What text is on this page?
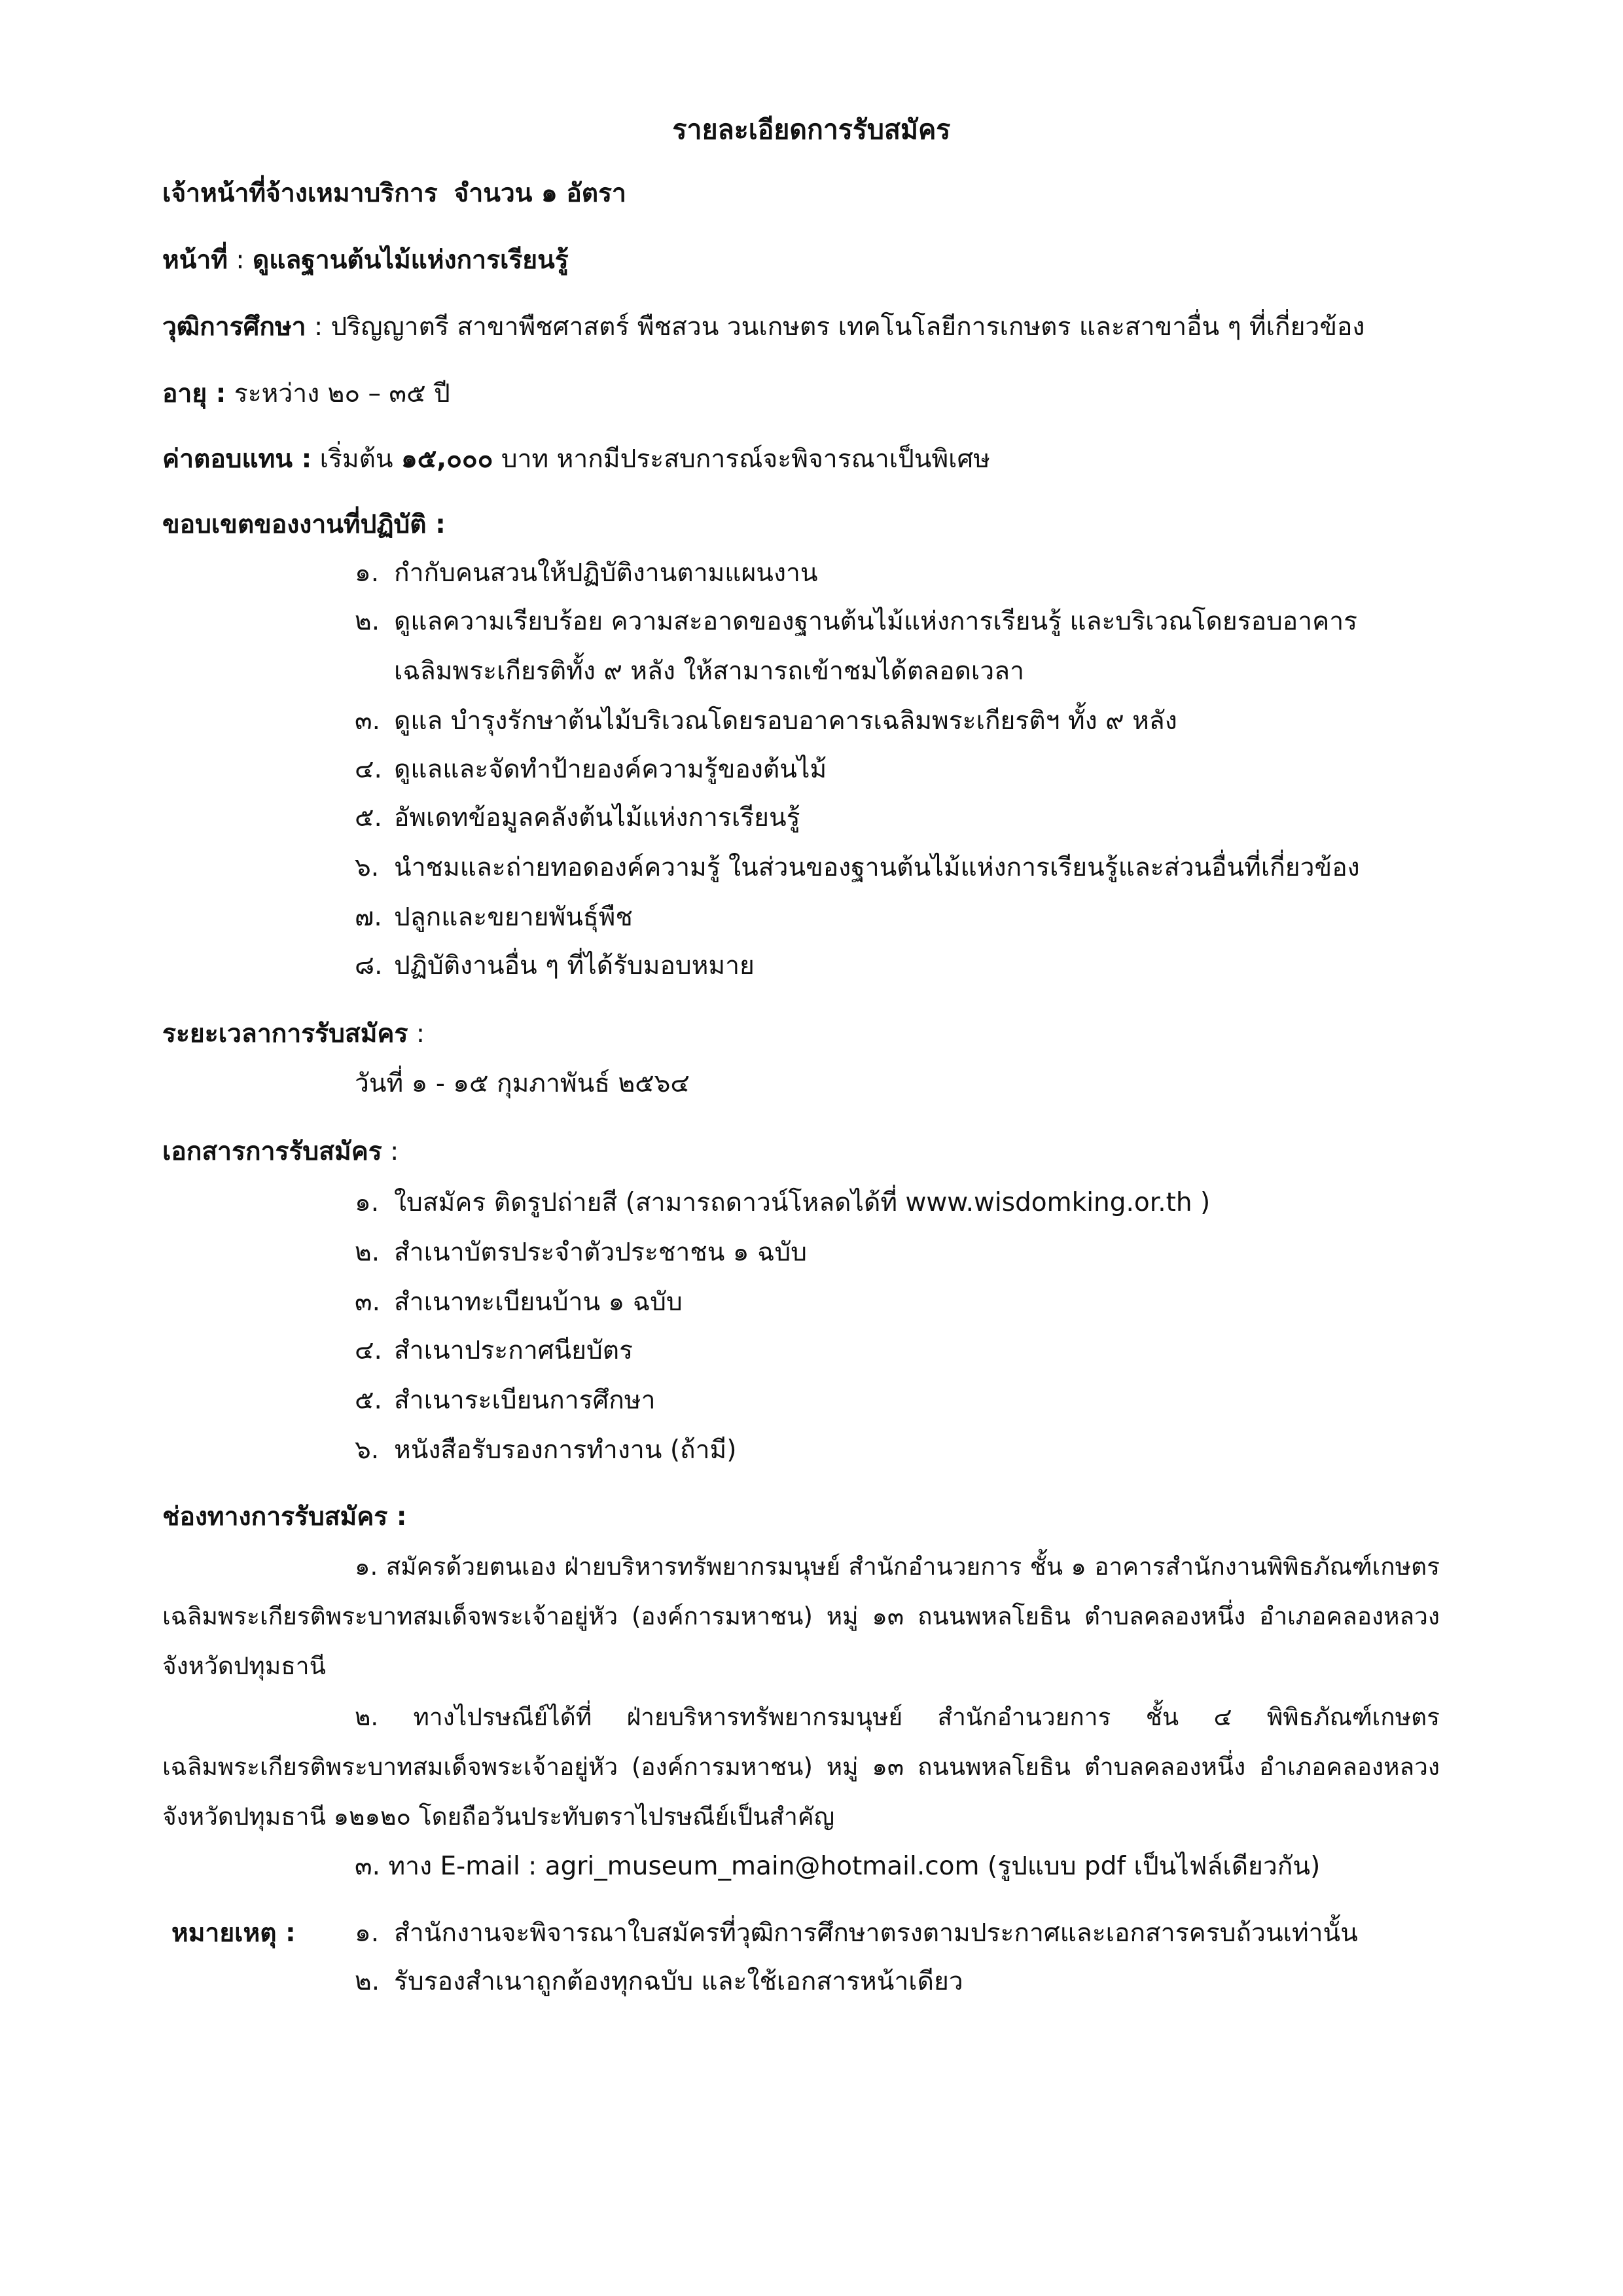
รายละเอียดการรับสมัคร
เจ้าหน้าที่จ้างเหมาบริการ จำนวน ๑ อัตรา
หน้าที่ : ดูแลฐานต้นไม้แห่งการเรียนรู้
วุฒิการศึกษา : ปริญญาตรี สาขาพืชศาสตร์ พืชสวน วนเกษตร เทคโนโลยีการเกษตร และสาขาอื่น ๆ ที่เกี่ยวข้อง
อายุ : ระหว่าง ๒๐ – ๓๕ ปี
ค่าตอบแทน : เริ่มต้น ๑๕,๐๐๐ บาท หากมีประสบการณ์จะพิจารณาเป็นพิเศษ
ขอบเขตของงานที่ปฏิบัติ :
๑. กำกับคนสวนให้ปฏิบัติงานตามแผนงาน
๒. ดูแลความเรียบร้อย ความสะอาดของฐานต้นไม้แห่งการเรียนรู้ และบริเวณโดยรอบอาคาร
เฉลิมพระเกียรติทั้ง ๙ หลัง ให้สามารถเข้าชมได้ตลอดเวลา
๓. ดูแล บำรุงรักษาต้นไม้บริเวณโดยรอบอาคารเฉลิมพระเกียรติฯ ทั้ง ๙ หลัง
๔. ดูแลและจัดทำป้ายองค์ความรู้ของต้นไม้
๕. อัพเดทข้อมูลคลังต้นไม้แห่งการเรียนรู้
๖. นำชมและถ่ายทอดองค์ความรู้ ในส่วนของฐานต้นไม้แห่งการเรียนรู้และส่วนอื่นที่เกี่ยวข้อง
๗. ปลูกและขยายพันธุ์พืช
๘. ปฏิบัติงานอื่น ๆ ที่ได้รับมอบหมาย
ระยะเวลาการรับสมัคร :
วันที่ ๑ - ๑๕ กุมภาพันธ์ ๒๕๖๔
เอกสารการรับสมัคร :
๑. ใบสมัคร ติดรูปถ่ายสี (สามารถดาวน์โหลดได้ที่ www.wisdomking.or.th )
๒. สำเนาบัตรประจำตัวประชาชน ๑ ฉบับ
๓. สำเนาทะเบียนบ้าน ๑ ฉบับ
๔. สำเนาประกาศนียบัตร
๕. สำเนาระเบียนการศึกษา
๖. หนังสือรับรองการทำงาน (ถ้ามี)
ช่องทางการรับสมัคร :
๑. สมัครด้วยตนเอง ฝ่ายบริหารทรัพยากรมนุษย์ สำนักอำนวยการ ชั้น ๑ อาคารสำนักงานพิพิธภัณฑ์เกษตรเฉลิมพระเกียรติพระบาทสมเด็จพระเจ้าอยู่หัว (องค์การมหาชน) หมู่ ๑๓ ถนนพหลโยธิน ตำบลคลองหนึ่ง อำเภอคลองหลวง จังหวัดปทุมธานี
๒. ทางไปรษณีย์ได้ที่ ฝ่ายบริหารทรัพยากรมนุษย์ สำนักอำนวยการ ชั้น ๔ พิพิธภัณฑ์เกษตรเฉลิมพระเกียรติพระบาทสมเด็จพระเจ้าอยู่หัว (องค์การมหาชน) หมู่ ๑๓ ถนนพหลโยธิน ตำบลคลองหนึ่ง อำเภอคลองหลวง จังหวัดปทุมธานี ๑๒๑๒๐ โดยถือวันประทับตราไปรษณีย์เป็นสำคัญ
๓. ทาง E-mail : agri_museum_main@hotmail.com (รูปแบบ pdf เป็นไฟล์เดียวกัน)
หมายเหตุ : ๑. สำนักงานจะพิจารณาใบสมัครที่วุฒิการศึกษาตรงตามประกาศและเอกสารครบถ้วนเท่านั้น
๒. รับรองสำเนาถูกต้องทุกฉบับ และใช้เอกสารหน้าเดียว
